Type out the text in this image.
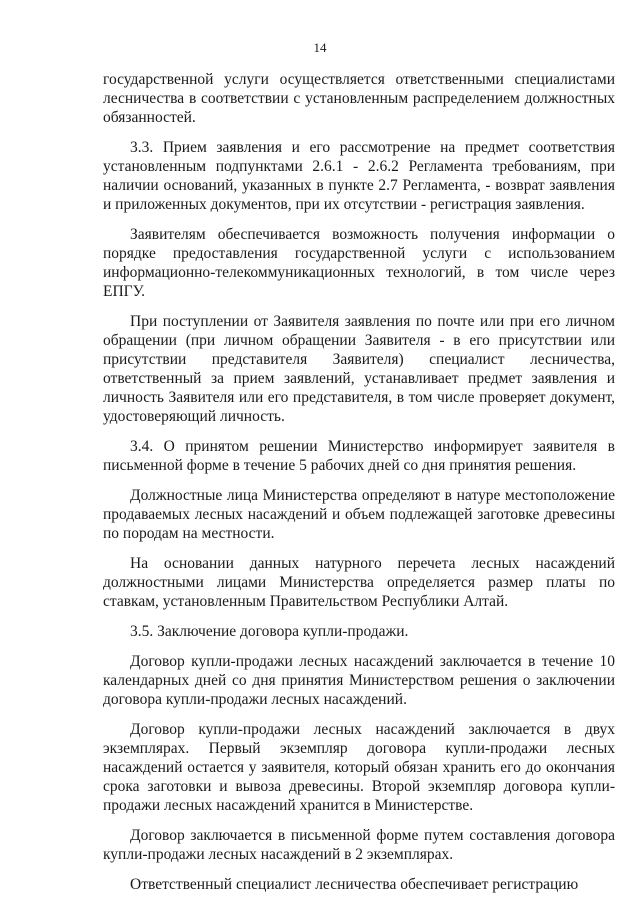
14

государственной услуги осуществляется ответственными специалистами лесничества в соответствии с установленным распределением должностных обязанностей.

3.3. Прием заявления и его рассмотрение на предмет соответствия установленным подпунктами 2.6.1 - 2.6.2 Регламента требованиям, при наличии оснований, указанных в пункте 2.7 Регламента, - возврат заявления и приложенных документов, при их отсутствии - регистрация заявления.

Заявителям обеспечивается возможность получения информации о порядке предоставления государственной услуги с использованием информационно-телекоммуникационных технологий, в том числе через ЕПГУ.

При поступлении от Заявителя заявления по почте или при его личном обращении (при личном обращении Заявителя - в его присутствии или присутствии представителя Заявителя) специалист лесничества, ответственный за прием заявлений, устанавливает предмет заявления и личность Заявителя или его представителя, в том числе проверяет документ, удостоверяющий личность.

3.4. О принятом решении Министерство информирует заявителя в письменной форме в течение 5 рабочих дней со дня принятия решения.

Должностные лица Министерства определяют в натуре местоположение продаваемых лесных насаждений и объем подлежащей заготовке древесины по породам на местности.

На основании данных натурного перечета лесных насаждений должностными лицами Министерства определяется размер платы по ставкам, установленным Правительством Республики Алтай.

3.5. Заключение договора купли-продажи.

Договор купли-продажи лесных насаждений заключается в течение 10 календарных дней со дня принятия Министерством решения о заключении договора купли-продажи лесных насаждений.

Договор купли-продажи лесных насаждений заключается в двух экземплярах. Первый экземпляр договора купли-продажи лесных насаждений остается у заявителя, который обязан хранить его до окончания срока заготовки и вывоза древесины. Второй экземпляр договора купли-продажи лесных насаждений хранится в Министерстве.

Договор заключается в письменной форме путем составления договора купли-продажи лесных насаждений в 2 экземплярах.

Ответственный специалист лесничества обеспечивает регистрацию
